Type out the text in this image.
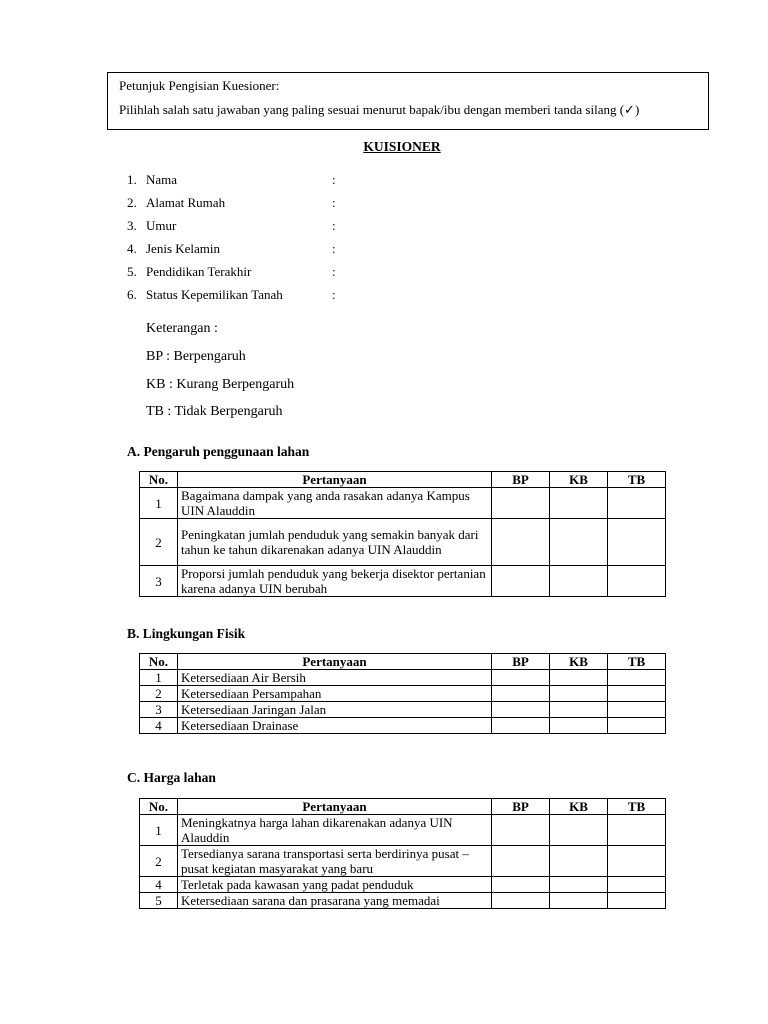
Petunjuk Pengisian Kuesioner:
Pilihlah salah satu jawaban yang paling sesuai menurut bapak/ibu dengan memberi tanda silang (✓)
KUISIONER
1. Nama	:
2. Alamat Rumah	:
3. Umur	:
4. Jenis Kelamin	:
5. Pendidikan Terakhir	:
6. Status Kepemilikan Tanah	:
Keterangan :
BP : Berpengaruh
KB : Kurang Berpengaruh
TB : Tidak Berpengaruh
A. Pengaruh penggunaan lahan
No.	Pertanyaan	BP	KB	TB
1	Bagaimana dampak yang anda rasakan adanya Kampus UIN Alauddin			
2	Peningkatan jumlah penduduk yang semakin banyak dari tahun ke tahun dikarenakan adanya UIN Alauddin			
3	Proporsi jumlah penduduk yang bekerja disektor pertanian karena adanya UIN berubah			
B. Lingkungan Fisik
No.	Pertanyaan	BP	KB	TB
1	Ketersediaan Air Bersih			
2	Ketersediaan Persampahan			
3	Ketersediaan Jaringan Jalan			
4	Ketersediaan Drainase			
C. Harga lahan
No.	Pertanyaan	BP	KB	TB
1	Meningkatnya harga lahan dikarenakan adanya UIN Alauddin			
2	Tersedianya sarana transportasi serta berdirinya pusat – pusat kegiatan masyarakat yang baru			
4	Terletak pada kawasan yang padat penduduk			
5	Ketersediaan sarana dan prasarana yang memadai			
